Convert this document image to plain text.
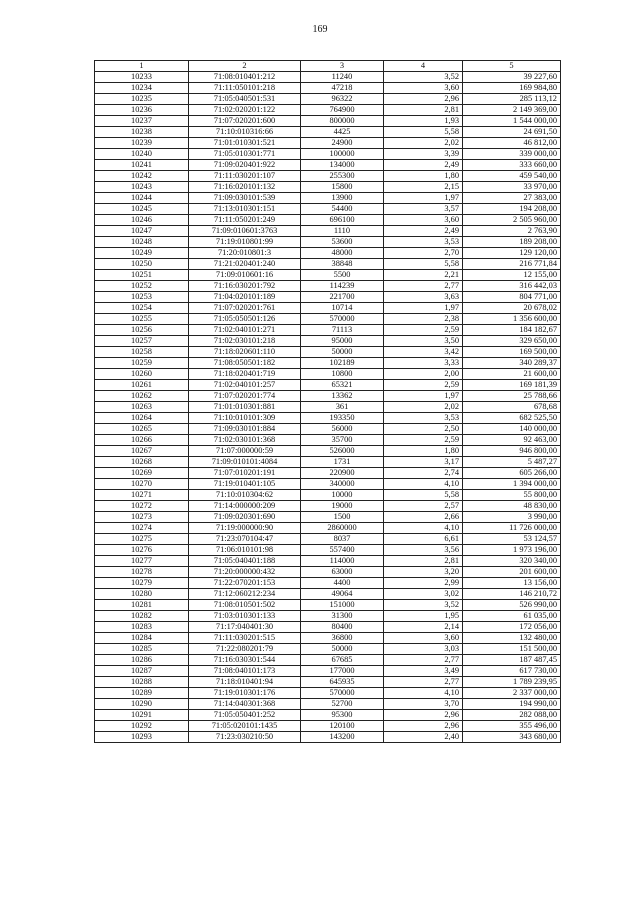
169
1	2	3	4	5
10233	71:08:010401:212	11240	3,52	39 227,60
10234	71:11:050101:218	47218	3,60	169 984,80
10235	71:05:040501:531	96322	2,96	285 113,12
10236	71:02:020201:122	764900	2,81	2 149 369,00
10237	71:07:020201:600	800000	1,93	1 544 000,00
10238	71:10:010316:66	4425	5,58	24 691,50
10239	71:01:010301:521	24900	2,02	46 812,00
10240	71:05:010301:771	100000	3,39	339 000,00
10241	71:09:020401:922	134000	2,49	333 660,00
10242	71:11:030201:107	255300	1,80	459 540,00
10243	71:16:020101:132	15800	2,15	33 970,00
10244	71:09:030101:539	13900	1,97	27 383,00
10245	71:13:010301:151	54400	3,57	194 208,00
10246	71:11:050201:249	696100	3,60	2 505 960,00
10247	71:09:010601:3763	1110	2,49	2 763,90
10248	71:19:010801:99	53600	3,53	189 208,00
10249	71:20:010801:3	48000	2,70	129 120,00
10250	71:21:020401:240	38848	5,58	216 771,84
10251	71:09:010601:16	5500	2,21	12 155,00
10252	71:16:030201:792	114239	2,77	316 442,03
10253	71:04:020101:189	221700	3,63	804 771,00
10254	71:07:020201:761	10714	1,97	20 678,02
10255	71:05:050501:126	570000	2,38	1 356 600,00
10256	71:02:040101:271	71113	2,59	184 182,67
10257	71:02:030101:218	95000	3,50	329 650,00
10258	71:18:020601:110	50000	3,42	169 500,00
10259	71:08:050501:182	102189	3,33	340 289,37
10260	71:18:020401:719	10800	2,00	21 600,00
10261	71:02:040101:257	65321	2,59	169 181,39
10262	71:07:020201:774	13362	1,97	25 788,66
10263	71:01:010301:881	361	2,02	678,68
10264	71:10:010101:309	193350	3,53	682 525,50
10265	71:09:030101:884	56000	2,50	140 000,00
10266	71:02:030101:368	35700	2,59	92 463,00
10267	71:07:000000:59	526000	1,80	946 800,00
10268	71:09:010101:4084	1731	3,17	5 487,27
10269	71:07:010201:191	220900	2,74	605 266,00
10270	71:19:010401:105	340000	4,10	1 394 000,00
10271	71:10:010304:62	10000	5,58	55 800,00
10272	71:14:000000:209	19000	2,57	48 830,00
10273	71:09:020301:690	1500	2,66	3 990,00
10274	71:19:000000:90	2860000	4,10	11 726 000,00
10275	71:23:070104:47	8037	6,61	53 124,57
10276	71:06:010101:98	557400	3,56	1 973 196,00
10277	71:05:040401:188	114000	2,81	320 340,00
10278	71:20:000000:432	63000	3,20	201 600,00
10279	71:22:070201:153	4400	2,99	13 156,00
10280	71:12:060212:234	49064	3,02	146 210,72
10281	71:08:010501:502	151000	3,52	526 990,00
10282	71:03:010301:133	31300	1,95	61 035,00
10283	71:17:040401:30	80400	2,14	172 056,00
10284	71:11:030201:515	36800	3,60	132 480,00
10285	71:22:080201:79	50000	3,03	151 500,00
10286	71:16:030301:544	67685	2,77	187 487,45
10287	71:08:040101:173	177000	3,49	617 730,00
10288	71:18:010401:94	645935	2,77	1 789 239,95
10289	71:19:010301:176	570000	4,10	2 337 000,00
10290	71:14:040301:368	52700	3,70	194 990,00
10291	71:05:050401:252	95300	2,96	282 088,00
10292	71:05:020101:1435	120100	2,96	355 496,00
10293	71:23:030210:50	143200	2,40	343 680,00
